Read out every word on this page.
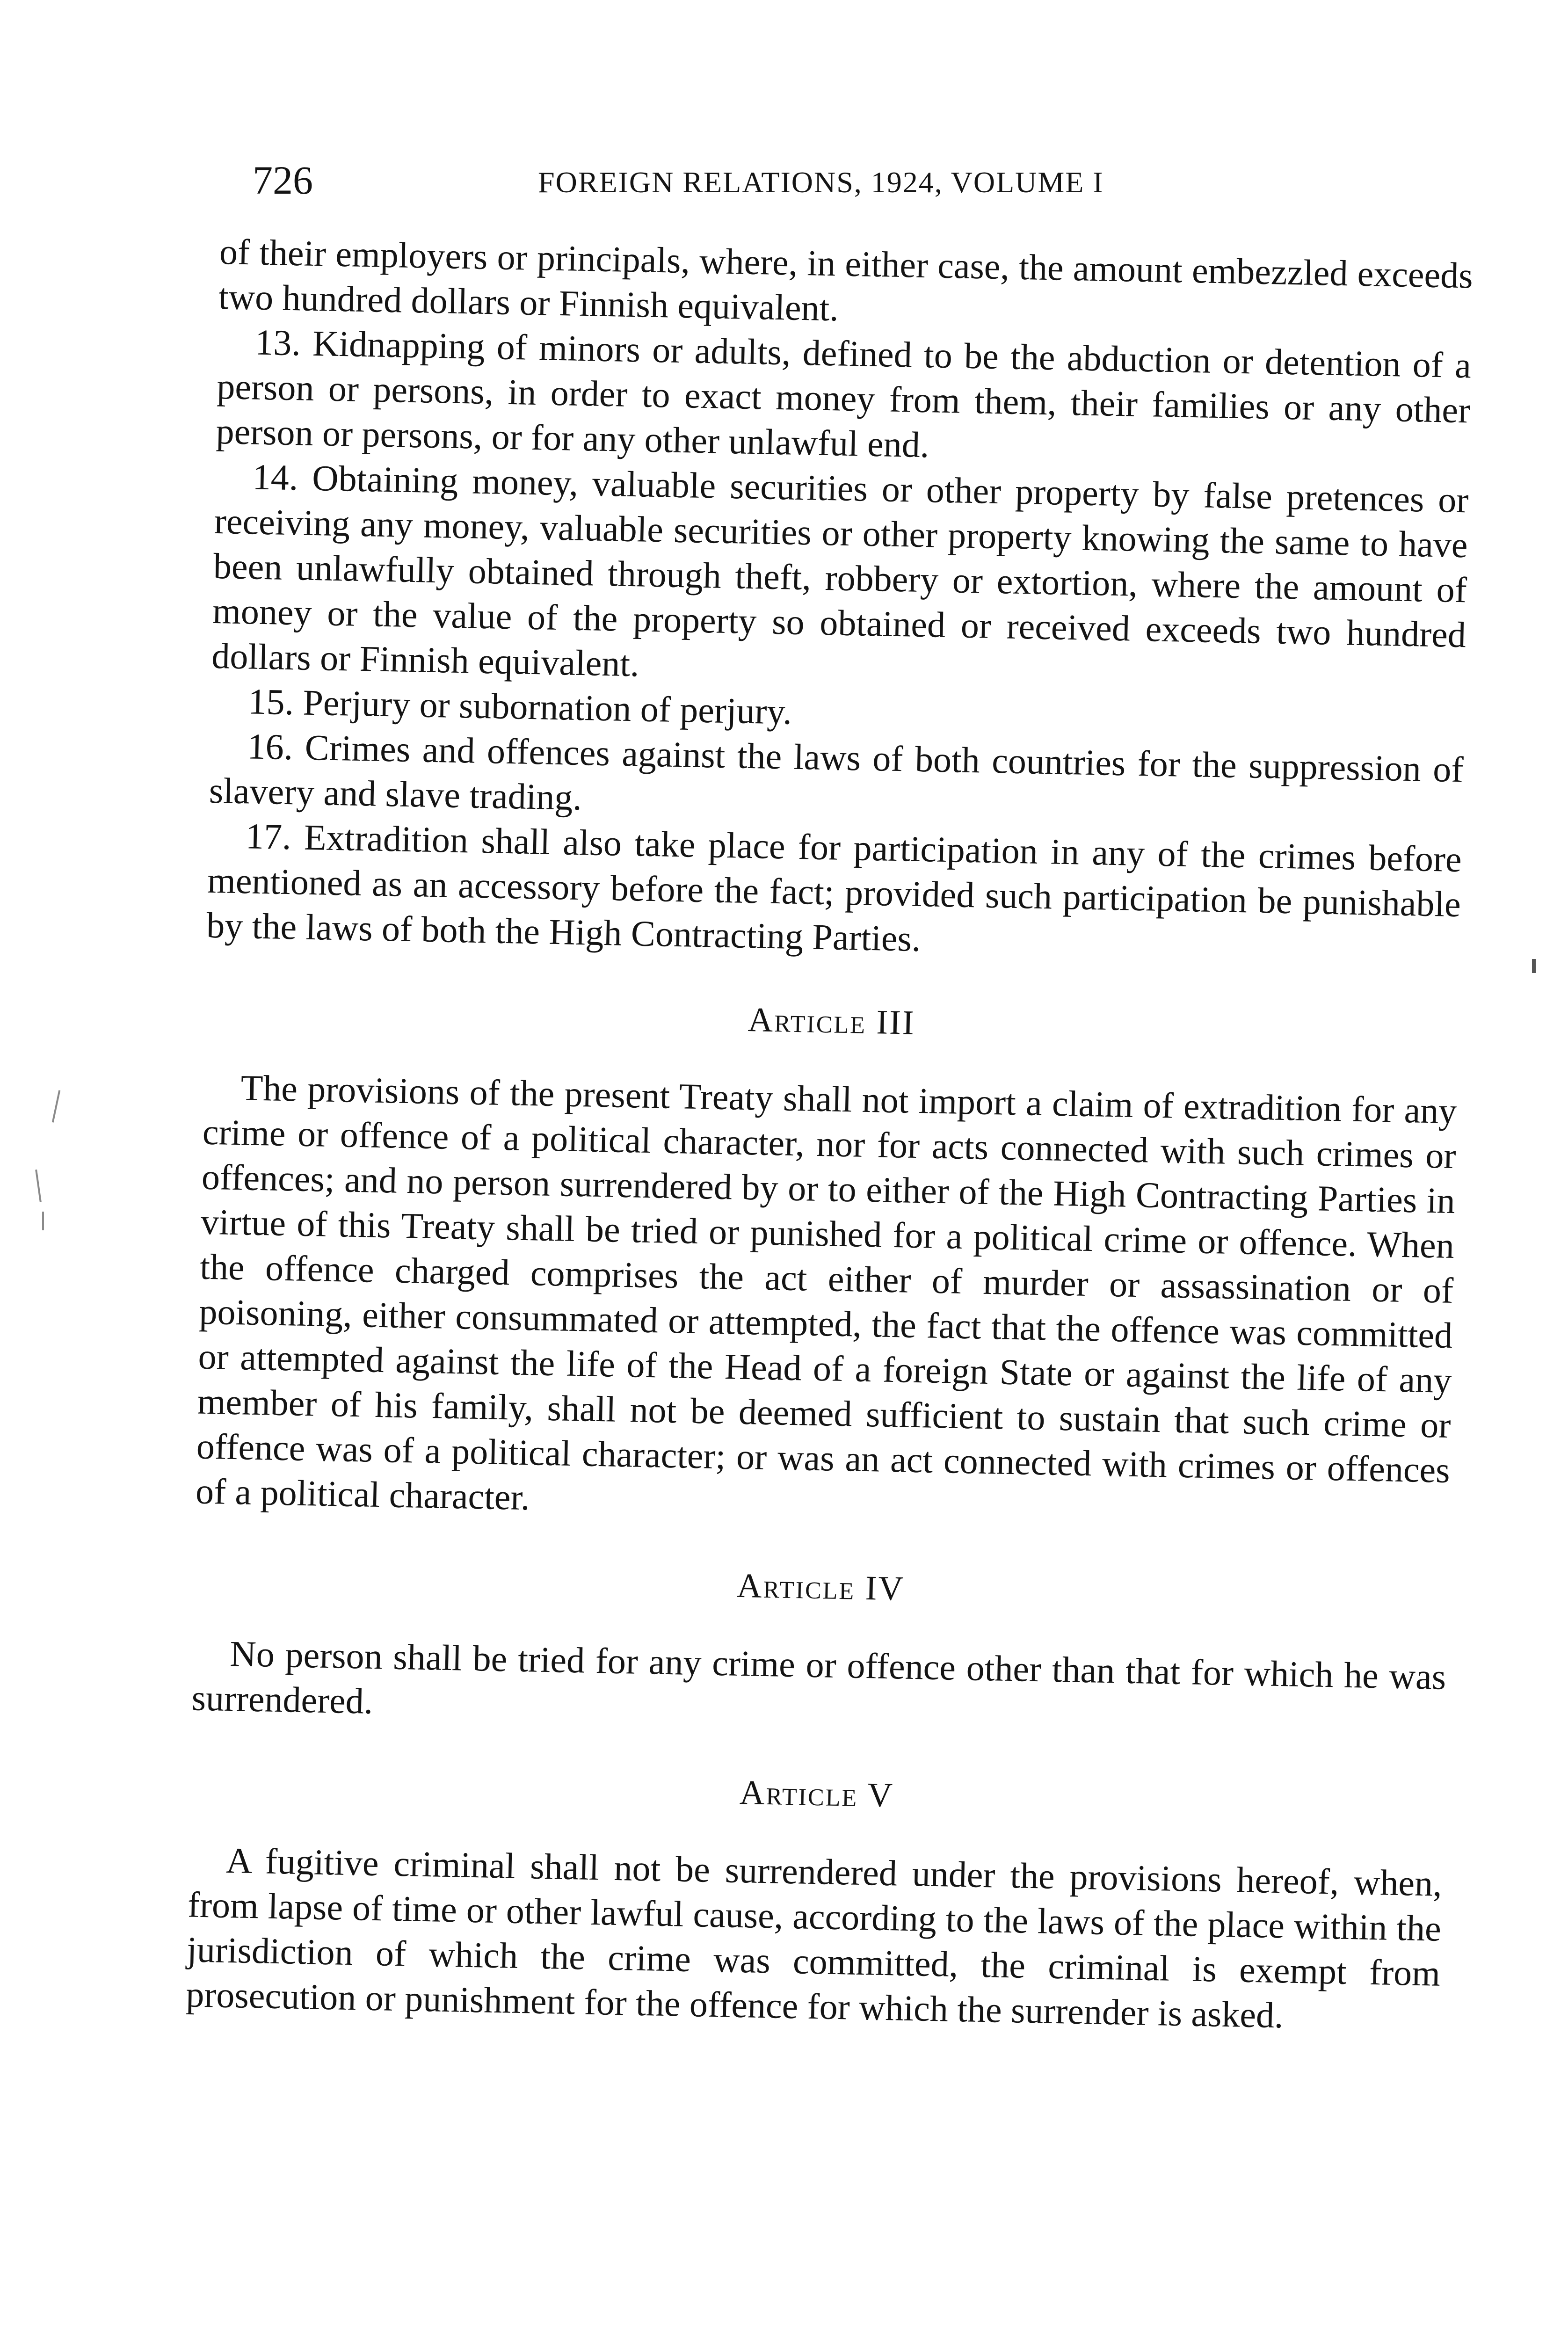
726	FOREIGN RELATIONS, 1924, VOLUME I

of their employers or principals, where, in either case, the amount embezzled exceeds two hundred dollars or Finnish equivalent.

13. Kidnapping of minors or adults, defined to be the abduction or detention of a person or persons, in order to exact money from them, their families or any other person or persons, or for any other unlawful end.

14. Obtaining money, valuable securities or other property by false pretences or receiving any money, valuable securities or other property knowing the same to have been unlawfully obtained through theft, robbery or extortion, where the amount of money or the value of the property so obtained or received exceeds two hundred dollars or Finnish equivalent.

15. Perjury or subornation of perjury.

16. Crimes and offences against the laws of both countries for the suppression of slavery and slave trading.

17. Extradition shall also take place for participation in any of the crimes before mentioned as an accessory before the fact; provided such participation be punishable by the laws of both the High Contracting Parties.

Article III

The provisions of the present Treaty shall not import a claim of extradition for any crime or offence of a political character, nor for acts connected with such crimes or offences; and no person surrendered by or to either of the High Contracting Parties in virtue of this Treaty shall be tried or punished for a political crime or offence. When the offence charged comprises the act either of murder or assassination or of poisoning, either consummated or attempted, the fact that the offence was committed or attempted against the life of the Head of a foreign State or against the life of any member of his family, shall not be deemed sufficient to sustain that such crime or offence was of a political character; or was an act connected with crimes or offences of a political character.

Article IV

No person shall be tried for any crime or offence other than that for which he was surrendered.

Article V

A fugitive criminal shall not be surrendered under the provisions hereof, when, from lapse of time or other lawful cause, according to the laws of the place within the jurisdiction of which the crime was committed, the criminal is exempt from prosecution or punishment for the offence for which the surrender is asked.
